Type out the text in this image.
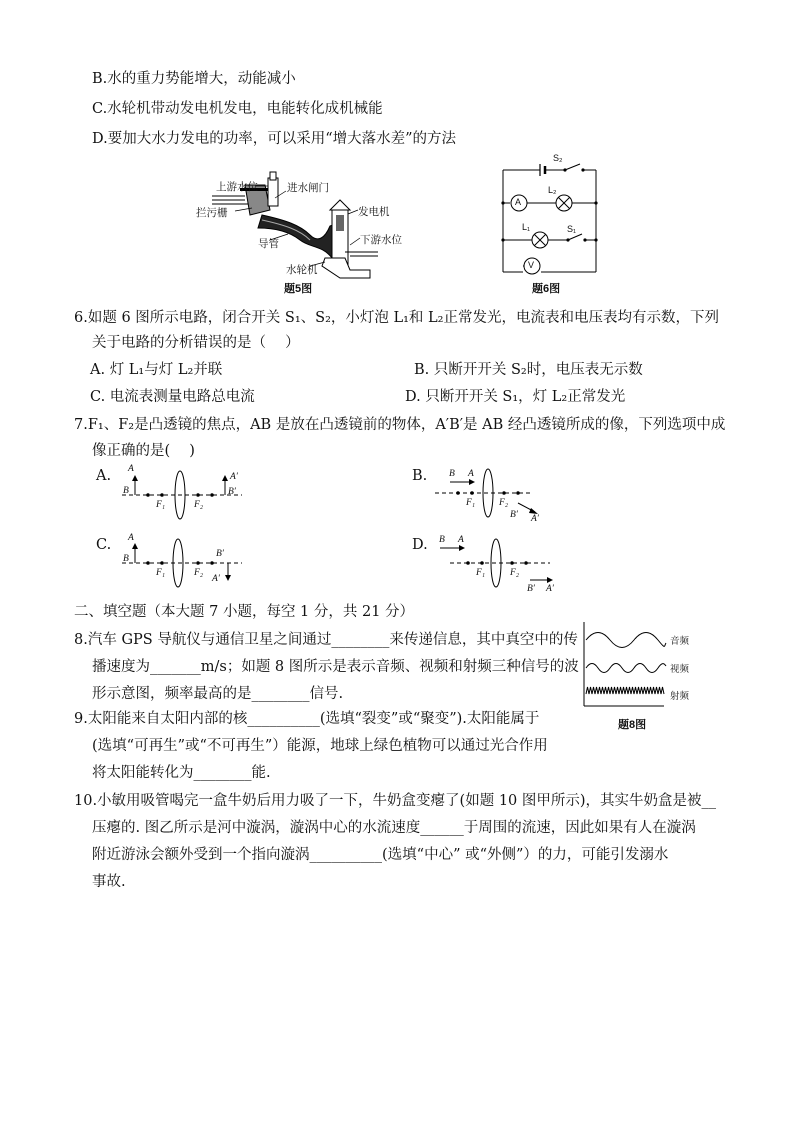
B.水的重力势能增大，动能减小
C.水轮机带动发电机发电，电能转化成机械能
D.要加大水力发电的功率，可以采用“增大落水差”的方法
上游水位	进水闸门
拦污栅	发电机
下游水位
导管
水轮机
题5图
S₂
L₂
A
L₁	S₁
V
题6图
6.如题 6 图所示电路，闭合开关 S₁、S₂，小灯泡 L₁和 L₂正常发光，电流表和电压表均有示数，下列
关于电路的分析错误的是（　 ）
A. 灯 L₁与灯 L₂并联	B. 只断开开关 S₂时，电压表无示数
C. 电流表测量电路总电流	D. 只断开开关 S₁，灯 L₂正常发光
7.F₁、F₂是凸透镜的焦点，AB 是放在凸透镜前的物体，A′B′是 AB 经凸透镜所成的像，下列选项中成
像正确的是(　 )
A. A
B
A′
B′
F₁	F₂
B. B A
F₁	F₂
B′ A′
C. A
B
F₁	F₂
B′
A′
D. B A
F₁	F₂
B′ A′
二、填空题（本大题 7 小题，每空 1 分，共 21 分）
8.汽车 GPS 导航仪与通信卫星之间通过________来传递信息，其中真空中的传
播速度为_______m/s；如题 8 图所示是表示音频、视频和射频三种信号的波
形示意图，频率最高的是________信号.
音频
视频
射频
题8图
9.太阳能来自太阳内部的核__________(选填“裂变”或“聚变”).太阳能属于
(选填“可再生”或“不可再生”）能源，地球上绿色植物可以通过光合作用
将太阳能转化为________能.
10.小敏用吸管喝完一盒牛奶后用力吸了一下，牛奶盒变瘪了(如题 10 图甲所示)，其实牛奶盒是被__
压瘪的. 图乙所示是河中漩涡，漩涡中心的水流速度______于周围的流速，因此如果有人在漩涡
附近游泳会额外受到一个指向漩涡__________(选填“中心” 或“外侧”）的力，可能引发溺水
事故.
